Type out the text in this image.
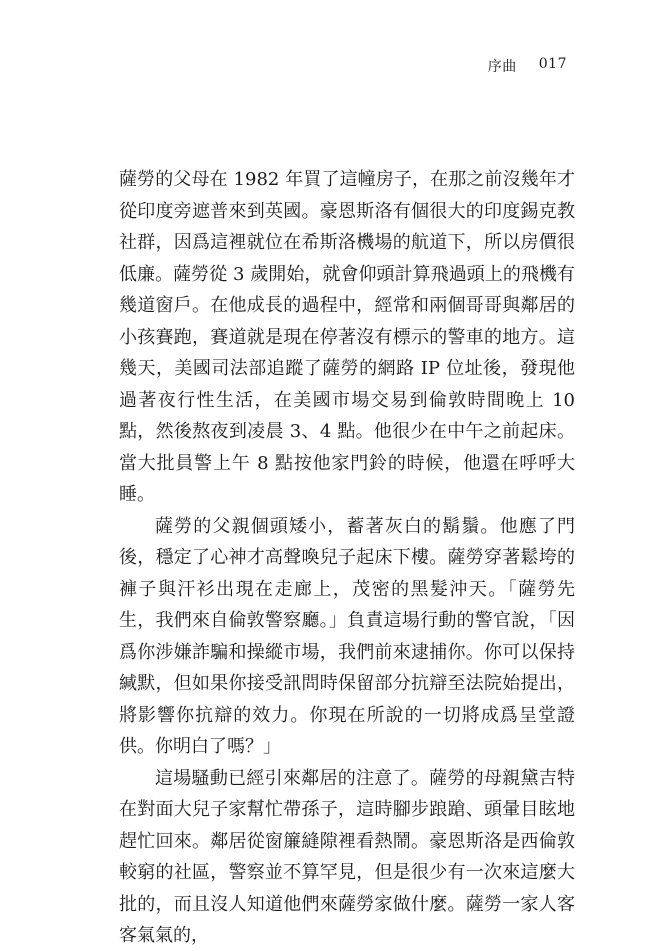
序曲 017

薩勞的父母在 1982 年買了這幢房子，在那之前沒幾年才從印度旁遮普來到英國。豪恩斯洛有個很大的印度錫克教社群，因爲這裡就位在希斯洛機場的航道下，所以房價很低廉。薩勞從 3 歲開始，就會仰頭計算飛過頭上的飛機有幾道窗戶。在他成長的過程中，經常和兩個哥哥與鄰居的小孩賽跑，賽道就是現在停著沒有標示的警車的地方。這幾天，美國司法部追蹤了薩勞的網路 IP 位址後，發現他過著夜行性生活，在美國市場交易到倫敦時間晚上 10 點，然後熬夜到凌晨 3、4 點。他很少在中午之前起床。當大批員警上午 8 點按他家門鈴的時候，他還在呼呼大睡。

薩勞的父親個頭矮小，蓄著灰白的鬍鬚。他應了門後，穩定了心神才高聲喚兒子起床下樓。薩勞穿著鬆垮的褲子與汗衫出現在走廊上，茂密的黑髮沖天。「薩勞先生，我們來自倫敦警察廳。」負責這場行動的警官說，「因爲你涉嫌詐騙和操縱市場，我們前來逮捕你。你可以保持緘默，但如果你接受訊問時保留部分抗辯至法院始提出，將影響你抗辯的效力。你現在所說的一切將成爲呈堂證供。你明白了嗎？」

這場騷動已經引來鄰居的注意了。薩勞的母親黛吉特在對面大兒子家幫忙帶孫子，這時腳步踉蹌、頭暈目眩地趕忙回來。鄰居從窗簾縫隙裡看熱鬧。豪恩斯洛是西倫敦較窮的社區，警察並不算罕見，但是很少有一次來這麼大批的，而且沒人知道他們來薩勞家做什麼。薩勞一家人客客氣氣的，
